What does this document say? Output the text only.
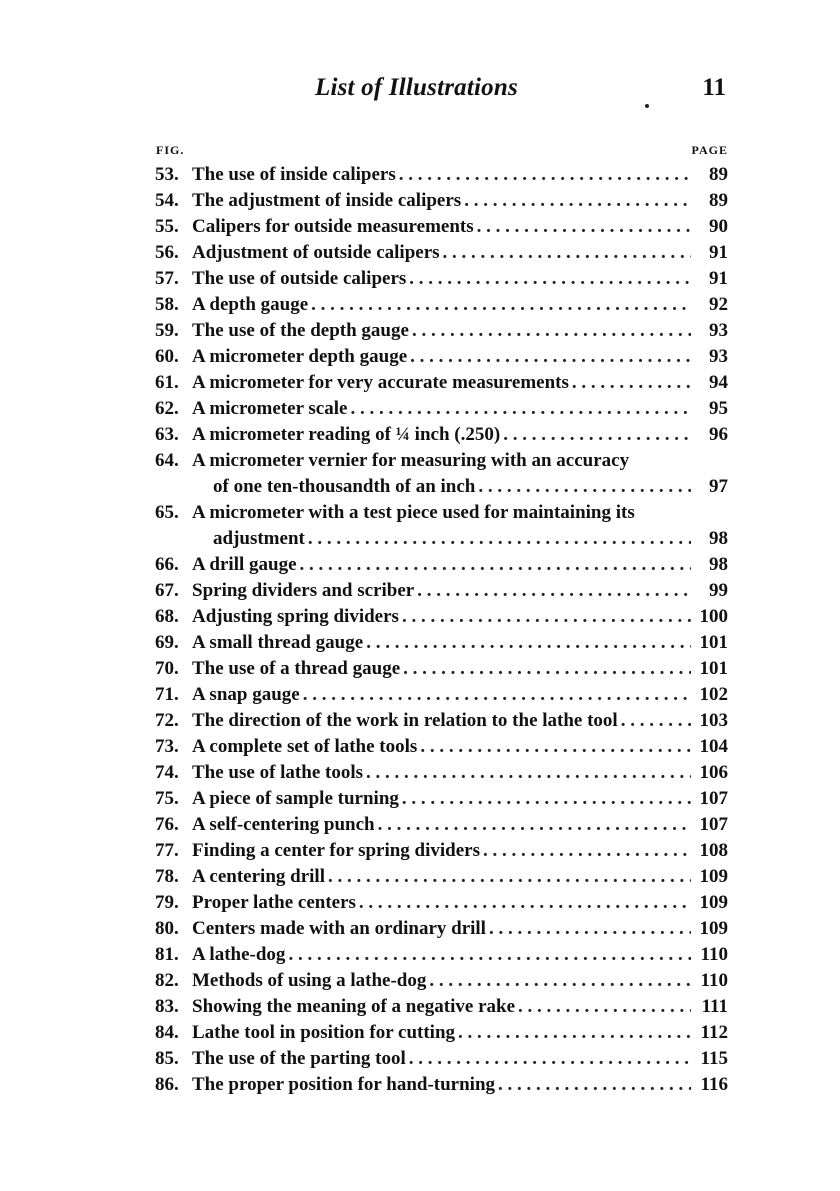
List of Illustrations	11
FIG.	PAGE
53. The use of inside calipers . . .	89
54. The adjustment of inside calipers . . .	89
55. Calipers for outside measurements . . .	90
56. Adjustment of outside calipers . . .	91
57. The use of outside calipers . . .	91
58. A depth gauge . . .	92
59. The use of the depth gauge . . .	93
60. A micrometer depth gauge . . .	93
61. A micrometer for very accurate measurements . . .	94
62. A micrometer scale . . .	95
63. A micrometer reading of ¼ inch (.250) . . .	96
64. A micrometer vernier for measuring with an accuracy
of one ten-thousandth of an inch . . .	97
65. A micrometer with a test piece used for maintaining its
adjustment . . .	98
66. A drill gauge . . .	98
67. Spring dividers and scriber . . .	99
68. Adjusting spring dividers . . .	100
69. A small thread gauge . . .	101
70. The use of a thread gauge . . .	101
71. A snap gauge . . .	102
72. The direction of the work in relation to the lathe tool . . .	103
73. A complete set of lathe tools . . .	104
74. The use of lathe tools . . .	106
75. A piece of sample turning . . .	107
76. A self-centering punch . . .	107
77. Finding a center for spring dividers . . .	108
78. A centering drill . . .	109
79. Proper lathe centers . . .	109
80. Centers made with an ordinary drill . . .	109
81. A lathe-dog . . .	110
82. Methods of using a lathe-dog . . .	110
83. Showing the meaning of a negative rake . . .	111
84. Lathe tool in position for cutting . . .	112
85. The use of the parting tool . . .	115
86. The proper position for hand-turning . . .	116
